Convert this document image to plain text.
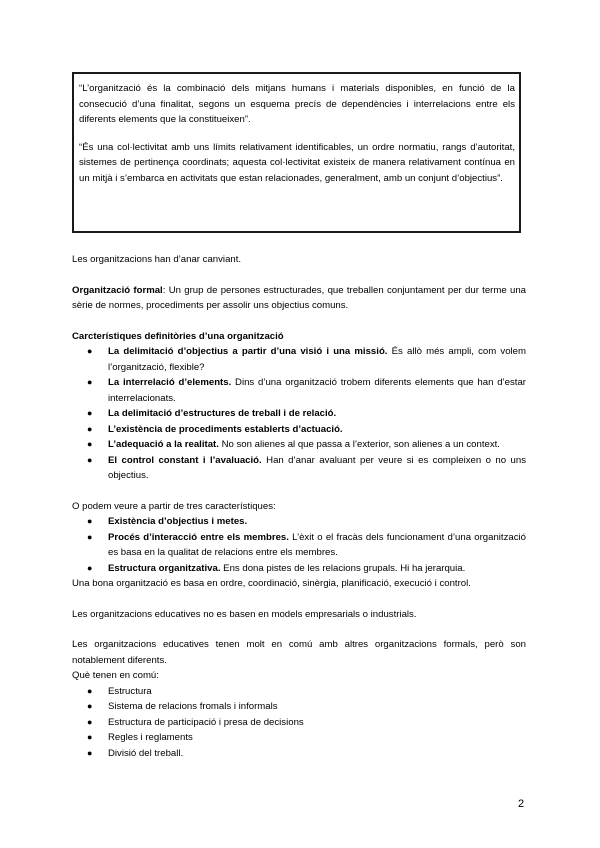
“L’organització és la combinació dels mitjans humans i materials disponibles, en funció de la consecució d’una finalitat, segons un esquema precís de dependències i interrelacions entre els diferents elements que la constitueixen”.

“És una col·lectivitat amb uns límits relativament identificables, un ordre normatiu, rangs d’autoritat, sistemes de pertinença coordinats; aquesta col·lectivitat existeix de manera relativament contínua en un mitjà i s’embarca en activitats que estan relacionades, generalment, amb un conjunt d’objectius”.

Les organitzacions han d’anar canviant.

Organització formal: Un grup de persones estructurades, que treballen conjuntament per dur terme una sèrie de normes, procediments per assolir uns objectius comuns.

Carcterístiques definitòries d’una organització

● La delimitació d’objectius a partir d’una visió i una missió. És allò més ampli, com volem l’organització, flexible?
● La interrelació d’elements. Dins d’una organització trobem diferents elements que han d’estar interrelacionats.
● La delimitació d’estructures de treball i de relació.
● L’existència de procediments establerts d’actuació.
● L’adequació a la realitat. No son alienes al que passa a l’exterior, son alienes a un context.
● El control constant i l’avaluació. Han d’anar avaluant per veure si es compleixen o no uns objectius.

O podem veure a partir de tres característiques:

● Existència d’objectius i metes.
● Procés d’interacció entre els membres. L’èxit o el fracàs dels funcionament d’una organització es basa en la qualitat de relacions entre els membres.
● Estructura organitzativa. Ens dona pistes de les relacions grupals. Hi ha jerarquia.

Una bona organització es basa en ordre, coordinació, sinèrgia, planificació, execució i control.

Les organitzacions educatives no es basen en models empresarials o industrials.

Les organitzacions educatives tenen molt en comú amb altres organitzacions formals, però son notablement diferents.

Què tenen en comú:

● Estructura
● Sistema de relacions fromals i informals
● Estructura de participació i presa de decisions
● Regles i reglaments
● Divisió del treball.
2
